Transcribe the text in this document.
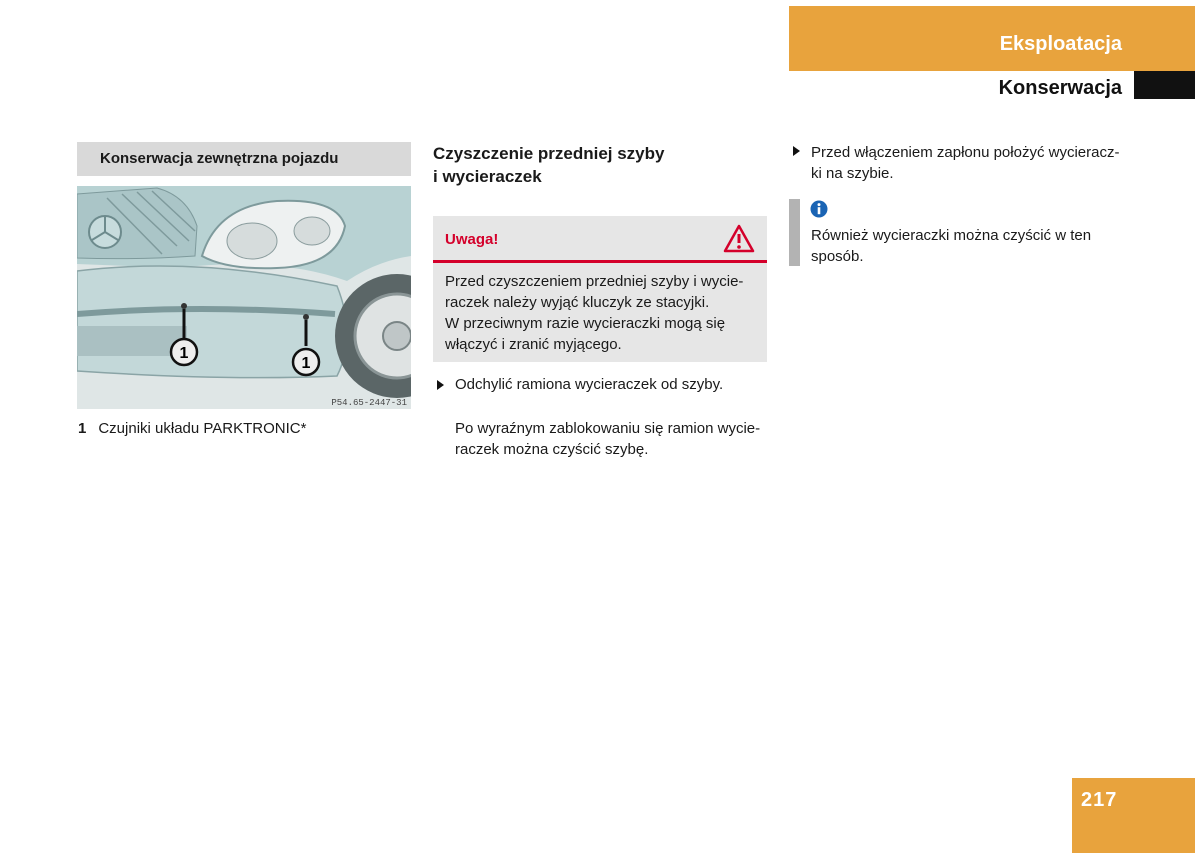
Eksploatacja
Konserwacja
Konserwacja zewnętrzna pojazdu
1
1
P54.65-2447-31
1 Czujniki układu PARKTRONIC*
Czyszczenie przedniej szyby
i wycieraczek
Uwaga!
Przed czyszczeniem przedniej szyby i wycie-
raczek należy wyjąć kluczyk ze stacyjki.
W przeciwnym razie wycieraczki mogą się
włączyć i zranić myjącego.
Odchylić ramiona wycieraczek od szyby.
Po wyraźnym zablokowaniu się ramion wycie-
raczek można czyścić szybę.
Przed włączeniem zapłonu położyć wycieracz-
ki na szybie.
Również wycieraczki można czyścić w ten
sposób.
217
